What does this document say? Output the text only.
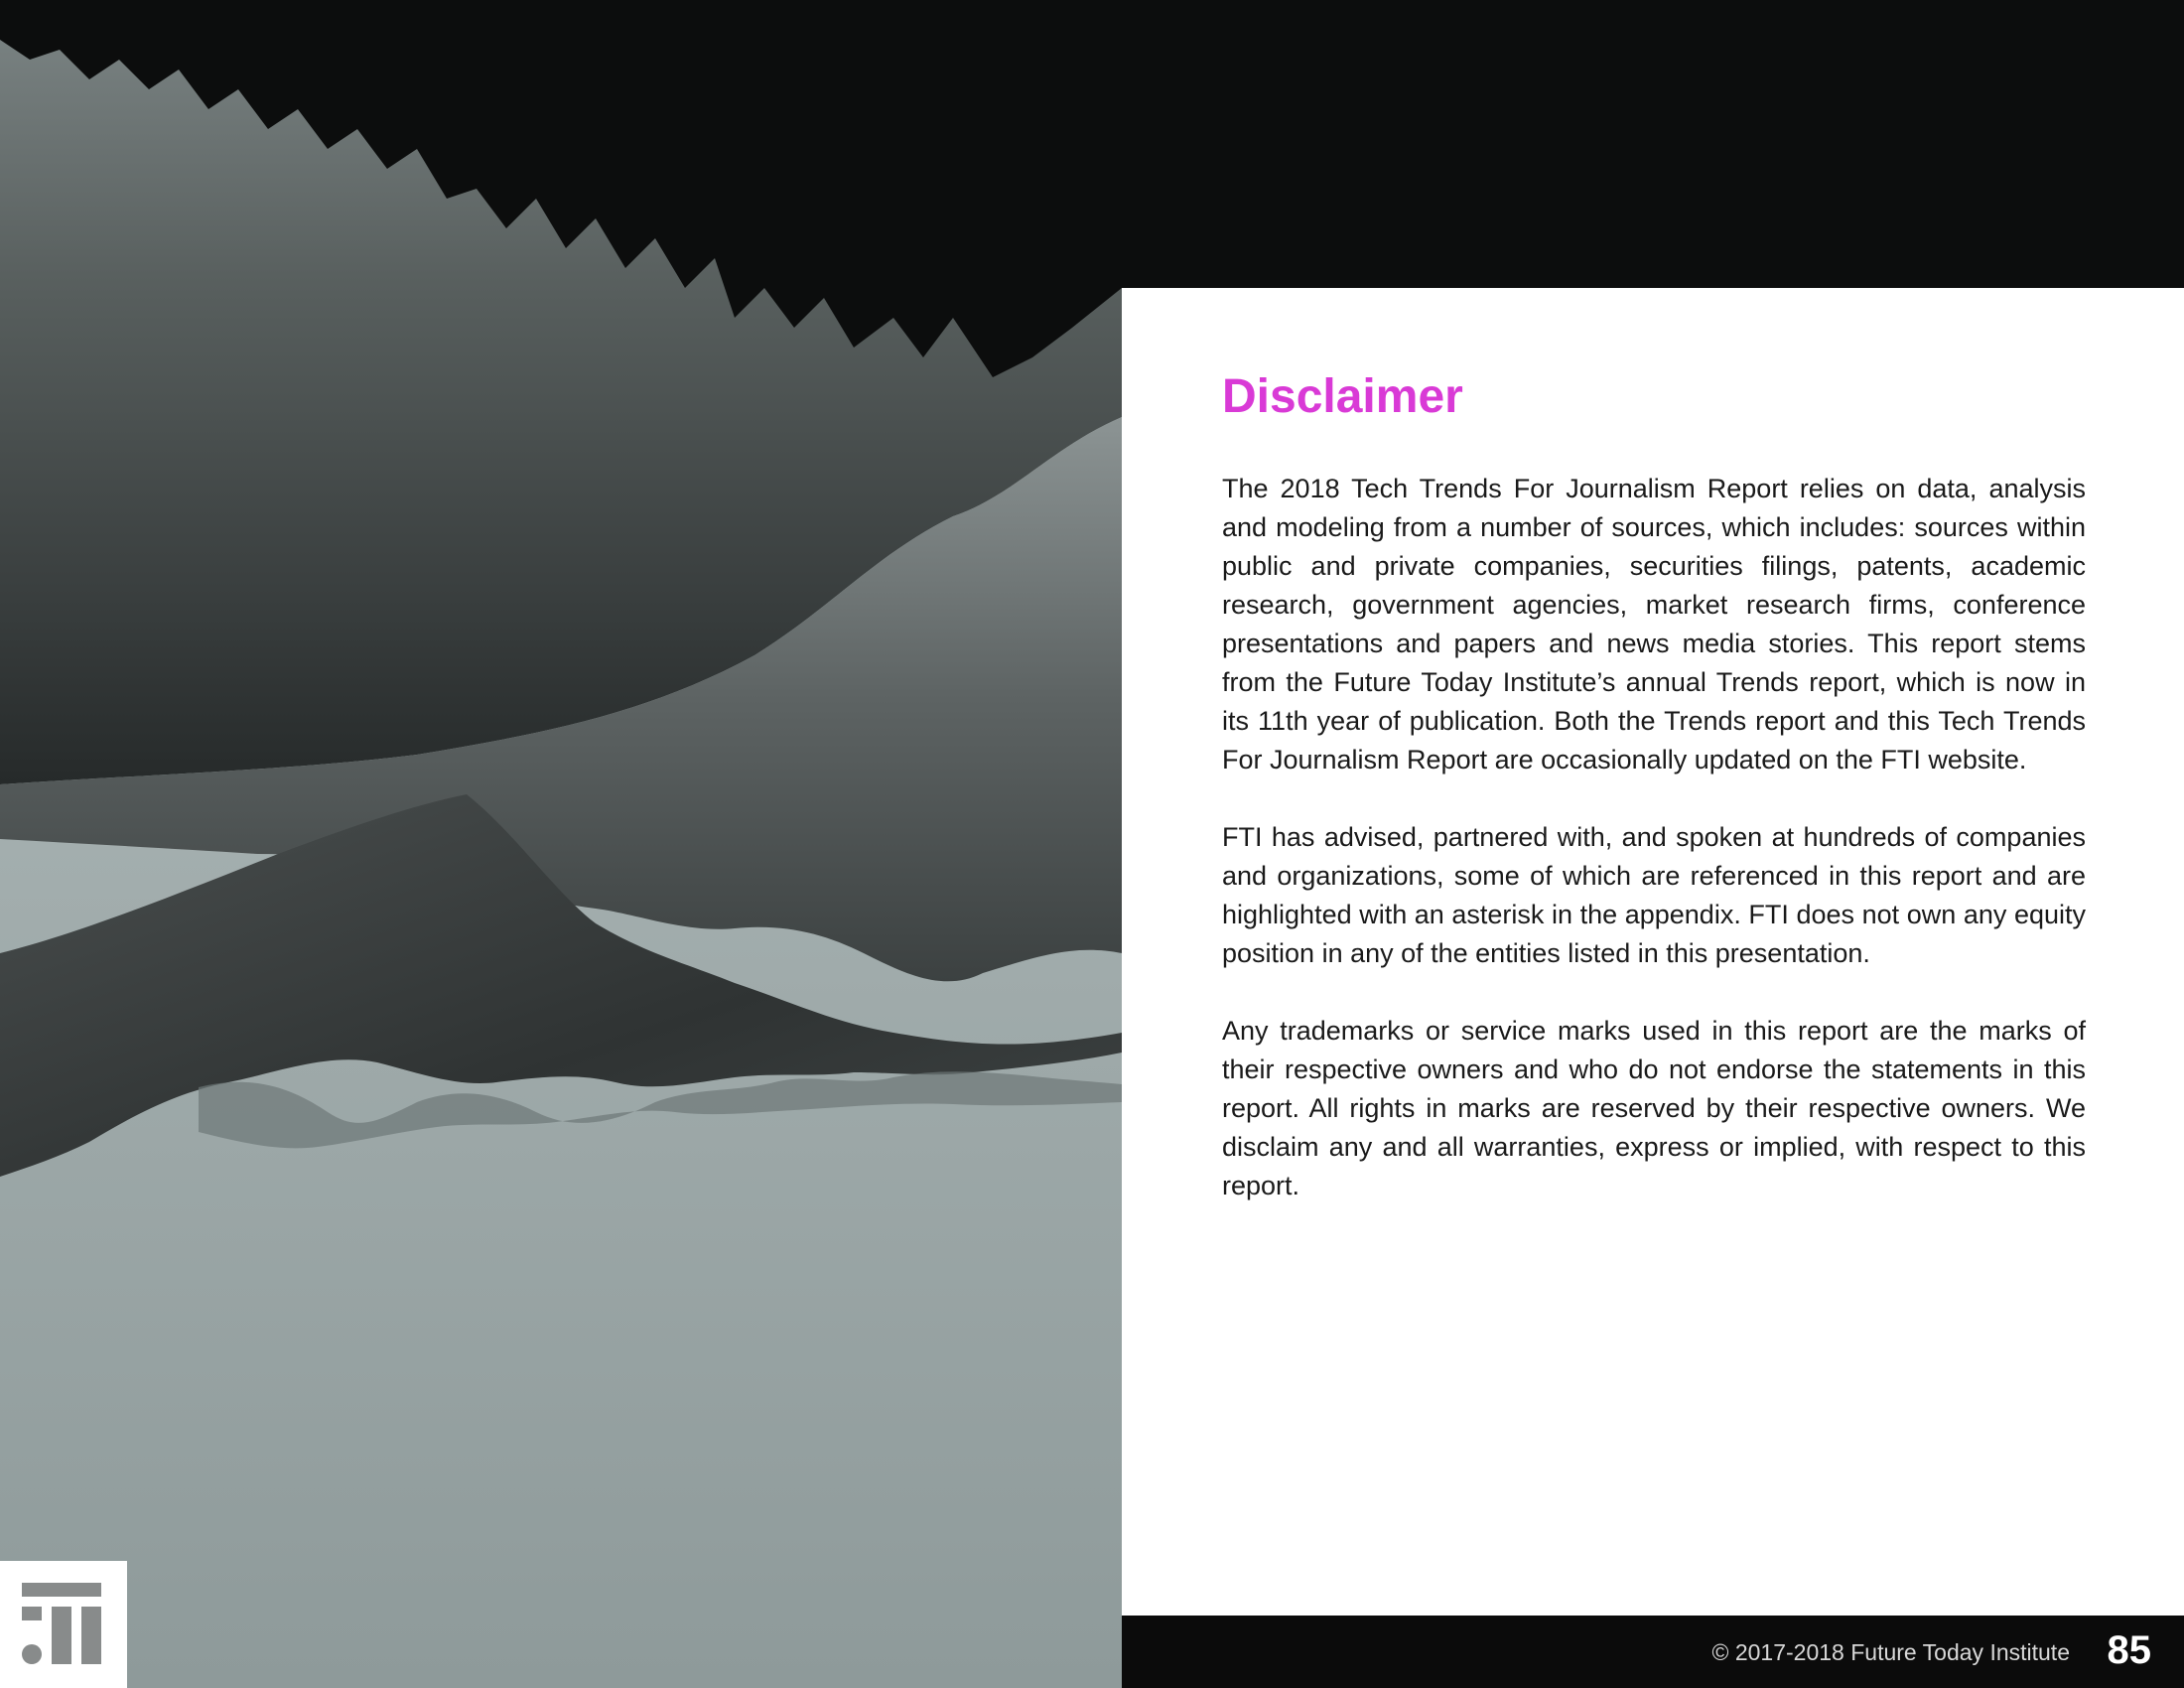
Disclaimer

The 2018 Tech Trends For Journalism Report relies on data, analysis and modeling from a number of sources, which includes: sources within public and private companies, securities filings, patents, academic research, government agencies, market research firms, conference presentations and papers and news media stories. This report stems from the Future Today Institute’s annual Trends report, which is now in its 11th year of publication. Both the Trends report and this Tech Trends For Journalism Report are occasionally updated on the FTI website.

FTI has advised, partnered with, and spoken at hundreds of companies and organizations, some of which are referenced in this report and are highlighted with an asterisk in the appendix. FTI does not own any equity position in any of the entities listed in this presentation.

Any trademarks or service marks used in this report are the marks of their respective owners and who do not endorse the statements in this report. All rights in marks are reserved by their respective owners. We disclaim any and all warranties, express or implied, with respect to this report.

© 2017-2018 Future Today Institute 85
